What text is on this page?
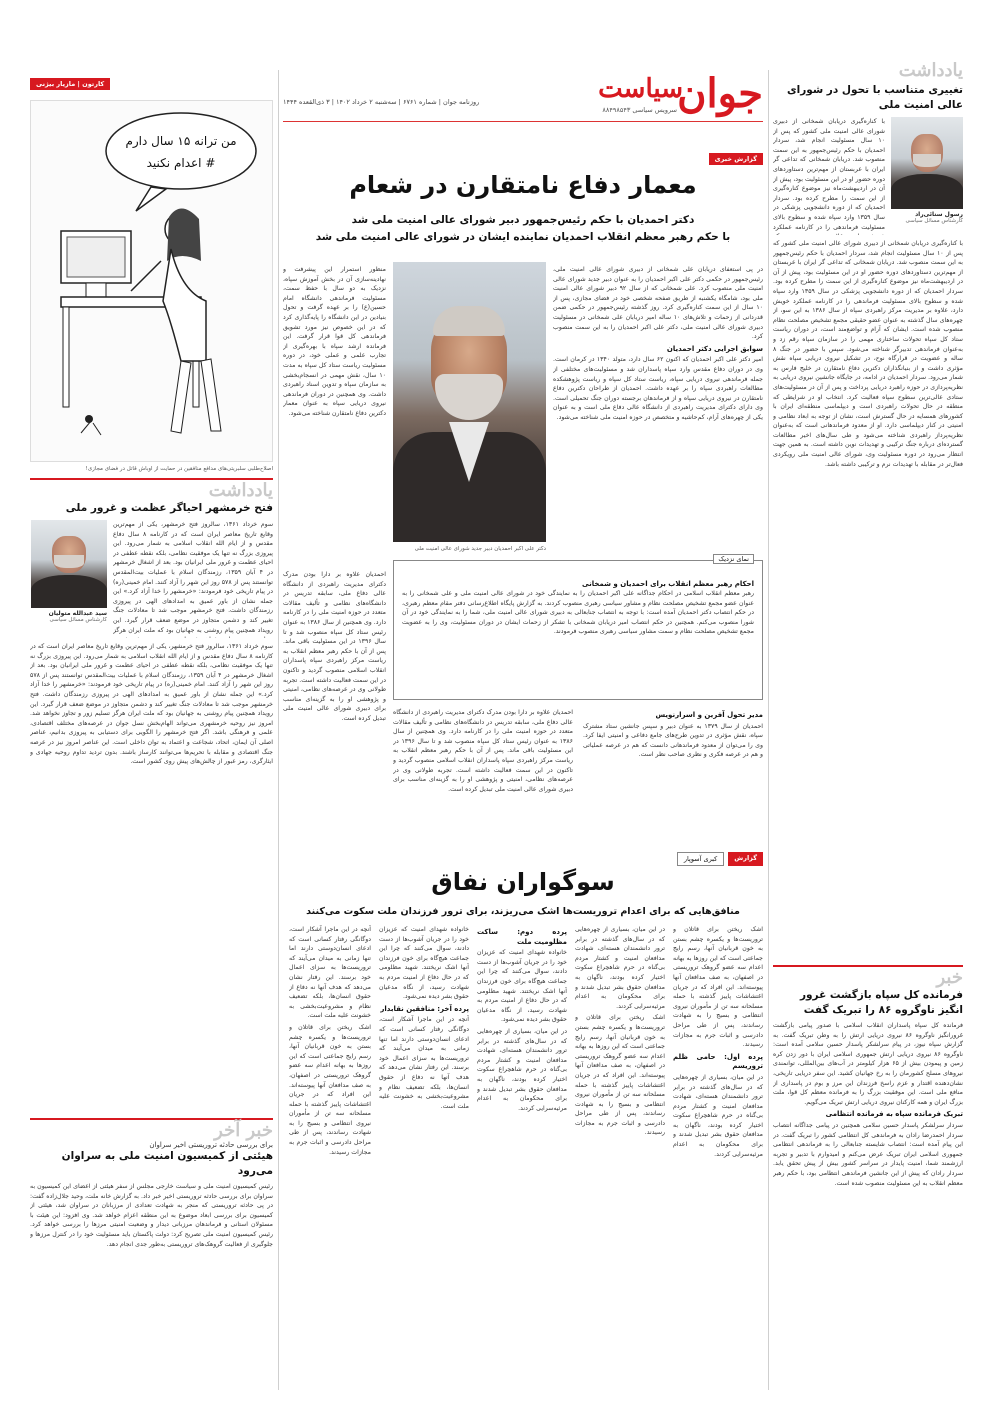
جوان
سیاست
سرویس سیاسی ۸۸۴۹۸۵۴۳
روزنامه جوان | شماره ۶۷۶۱ | سه‌شنبه ۲ خرداد ۱۴۰۲ | ۳ ذی‌القعده ۱۴۴۴
گزارش خبری
معمار دفاع نامتقارن در شعام
دکتر احمدیان با حکم رئیس‌جمهور دبیر شورای عالی امنیت ملی شد
با حکم رهبر معظم انقلاب احمدیان نماینده ایشان در شورای عالی امنیت ملی شد

در پی استعفای دریابان علی شمخانی از دبیری شورای عالی امنیت ملی، رئیس‌جمهور در حکمی دکتر علی اکبر احمدیان را به عنوان دبیر جدید شورای عالی امنیت ملی منصوب کرد. علی شمخانی که از سال ۹۲ دبیر شورای عالی امنیت ملی بود، شامگاه یکشنبه از طریق صفحه شخصی خود در فضای مجازی، پس از ۱۰ سال از این سمت کناره‌گیری کرد. روز گذشته رئیس‌جمهور در حکمی ضمن قدردانی از زحمات و تلاش‌های ۱۰ ساله امیر دریابان علی شمخانی در مسئولیت دبیری شورای عالی امنیت ملی، دکتر علی اکبر احمدیان را به این سمت منصوب کرد.

سوابق اجرایی دکتر احمدیان

امیر دکتر علی اکبر احمدیان که اکنون ۶۲ سال دارد، متولد ۱۳۴۰ در کرمان است. وی در دوران دفاع مقدس وارد سپاه پاسداران شد و مسئولیت‌های مختلفی از جمله فرماندهی نیروی دریایی سپاه، ریاست ستاد کل سپاه و ریاست پژوهشکده مطالعات راهبردی سپاه را بر عهده داشت. احمدیان از طراحان دکترین دفاع نامتقارن در نیروی دریایی سپاه و از فرماندهان برجسته دوران جنگ تحمیلی است. وی دارای دکترای مدیریت راهبردی از دانشگاه عالی دفاع ملی است و به عنوان یکی از چهره‌های آرام، کم‌حاشیه و متخصص در حوزه امنیت ملی شناخته می‌شود.

دکتر علی اکبر احمدیان دبیر جدید شورای عالی امنیت ملی

منظور استمرار این پیشرفت و نهادینه‌سازی آن در بخش آموزش سپاه، نزدیک به دو سال با حفظ سمت، مسئولیت فرماندهی دانشگاه امام حسین(ع) را بر عهده گرفت و تحول بنیادین در این دانشگاه را پایه‌گذاری کرد که در این خصوص نیز مورد تشویق فرماندهی کل قوا قرار گرفت. این فرمانده ارشد سپاه با بهره‌گیری از تجارب علمی و عملی خود، در دوره مسئولیت ریاست ستاد کل سپاه به مدت ۱۰ سال، نقش مهمی در انسجام‌بخشی به سازمان سپاه و تدوین اسناد راهبردی داشت. وی همچنین در دوران فرماندهی نیروی دریایی سپاه به عنوان معمار دکترین دفاع نامتقارن شناخته می‌شود.

نمای نزدیک
احکام رهبر معظم انقلاب برای احمدیان و شمخانی
رهبر معظم انقلاب اسلامی در احکام جداگانه علی اکبر احمدیان را به نمایندگی خود در شورای عالی امنیت ملی و علی شمخانی را به عنوان عضو مجمع تشخیص مصلحت نظام و مشاور سیاسی رهبری منصوب کردند. به گزارش پایگاه اطلاع‌رسانی دفتر مقام معظم رهبری، در حکم انتصاب دکتر احمدیان آمده است: با توجه به انتصاب جنابعالی به دبیری شورای عالی امنیت ملی، شما را به نمایندگی خود در آن شورا منصوب می‌کنم. همچنین در حکم انتصاب امیر دریابان شمخانی با تشکر از زحمات ایشان در دوران مسئولیت، وی را به عضویت مجمع تشخیص مصلحت نظام و سمت مشاور سیاسی رهبری منصوب فرمودند.

احمدیان علاوه بر دارا بودن مدرک دکترای مدیریت راهبردی از دانشگاه عالی دفاع ملی، سابقه تدریس در دانشگاه‌های نظامی و تألیف مقالات متعدد در حوزه امنیت ملی را در کارنامه دارد. وی همچنین از سال ۱۳۸۶ به عنوان رئیس ستاد کل سپاه منصوب شد و تا سال ۱۳۹۶ در این مسئولیت باقی ماند. پس از آن با حکم رهبر معظم انقلاب به ریاست مرکز راهبردی سپاه پاسداران انقلاب اسلامی منصوب گردید و تاکنون در این سمت فعالیت داشته است. تجربه طولانی وی در عرصه‌های نظامی، امنیتی و پژوهشی او را به گزینه‌ای مناسب برای دبیری شورای عالی امنیت ملی تبدیل کرده است.

احمدیان علاوه بر دارا بودن مدرک دکترای مدیریت راهبردی از دانشگاه عالی دفاع ملی، سابقه تدریس در دانشگاه‌های نظامی و تألیف مقالات متعدد در حوزه امنیت ملی را در کارنامه دارد. وی همچنین از سال ۱۳۸۶ به عنوان رئیس ستاد کل سپاه منصوب شد و تا سال ۱۳۹۶ در این مسئولیت باقی ماند. پس از آن با حکم رهبر معظم انقلاب به ریاست مرکز راهبردی سپاه پاسداران انقلاب اسلامی منصوب گردید و تاکنون در این سمت فعالیت داشته است. تجربه طولانی وی در عرصه‌های نظامی، امنیتی و پژوهشی او را به گزینه‌ای مناسب برای دبیری شورای عالی امنیت ملی تبدیل کرده است.

مدیر تحول آفرین و اسرار‌نویس

احمدیان از سال ۱۳۷۹ به عنوان دبیر و سپس جانشین ستاد مشترک سپاه، نقش مؤثری در تدوین طرح‌های جامع دفاعی و امنیتی ایفا کرد. وی را می‌توان از معدود فرماندهانی دانست که هم در عرصه عملیاتی و هم در عرصه فکری و نظری صاحب نظر است.

گزارش
کبری آسوپار
سوگواران نفاق
منافق‌هایی که برای اعدام تروریست‌ها اشک می‌ریزند، برای ترور فرزندان ملت سکوت می‌کنند

اشک ریختن برای قاتلان و تروریست‌ها و یکسره چشم بستن به خون قربانیان آنها، رسم رایج جماعتی است که این روزها به بهانه اعدام سه عضو گروهک تروریستی در اصفهان، به صف مدافعان آنها پیوسته‌اند. این افراد که در جریان اغتشاشات پاییز گذشته با حمله مسلحانه سه تن از مأموران نیروی انتظامی و بسیج را به شهادت رساندند، پس از طی مراحل دادرسی و اثبات جرم به مجازات رسیدند.

پرده اول: حامی ظلم تروریسم

در این میان، بسیاری از چهره‌هایی که در سال‌های گذشته در برابر ترور دانشمندان هسته‌ای، شهادت مدافعان امنیت و کشتار مردم بی‌گناه در حرم شاهچراغ سکوت اختیار کرده بودند، ناگهان به مدافعان حقوق بشر تبدیل شدند و برای محکومان به اعدام مرثیه‌سرایی کردند.

در این میان، بسیاری از چهره‌هایی که در سال‌های گذشته در برابر ترور دانشمندان هسته‌ای، شهادت مدافعان امنیت و کشتار مردم بی‌گناه در حرم شاهچراغ سکوت اختیار کرده بودند، ناگهان به مدافعان حقوق بشر تبدیل شدند و برای محکومان به اعدام مرثیه‌سرایی کردند.

اشک ریختن برای قاتلان و تروریست‌ها و یکسره چشم بستن به خون قربانیان آنها، رسم رایج جماعتی است که این روزها به بهانه اعدام سه عضو گروهک تروریستی در اصفهان، به صف مدافعان آنها پیوسته‌اند. این افراد که در جریان اغتشاشات پاییز گذشته با حمله مسلحانه سه تن از مأموران نیروی انتظامی و بسیج را به شهادت رساندند، پس از طی مراحل دادرسی و اثبات جرم به مجازات رسیدند.

پرده دوم: ساکت مظلومیت ملت

خانواده شهدای امنیت که عزیزان خود را در جریان آشوب‌ها از دست دادند، سوال می‌کنند که چرا این جماعت هیچ‌گاه برای خون فرزندان آنها اشک نریختند. شهید مظلومی که در حال دفاع از امنیت مردم به شهادت رسید، از نگاه مدعیان حقوق بشر دیده نمی‌شود.

در این میان، بسیاری از چهره‌هایی که در سال‌های گذشته در برابر ترور دانشمندان هسته‌ای، شهادت مدافعان امنیت و کشتار مردم بی‌گناه در حرم شاهچراغ سکوت اختیار کرده بودند، ناگهان به مدافعان حقوق بشر تبدیل شدند و برای محکومان به اعدام مرثیه‌سرایی کردند.

خانواده شهدای امنیت که عزیزان خود را در جریان آشوب‌ها از دست دادند، سوال می‌کنند که چرا این جماعت هیچ‌گاه برای خون فرزندان آنها اشک نریختند. شهید مظلومی که در حال دفاع از امنیت مردم به شهادت رسید، از نگاه مدعیان حقوق بشر دیده نمی‌شود.

پرده آخر: منافقین نقابدار

آنچه در این ماجرا آشکار است، دوگانگی رفتار کسانی است که ادعای انسان‌دوستی دارند اما تنها زمانی به میدان می‌آیند که تروریست‌ها به سزای اعمال خود برسند. این رفتار نشان می‌دهد که هدف آنها نه دفاع از حقوق انسان‌ها، بلکه تضعیف نظام و مشروعیت‌بخشی به خشونت علیه ملت است.

آنچه در این ماجرا آشکار است، دوگانگی رفتار کسانی است که ادعای انسان‌دوستی دارند اما تنها زمانی به میدان می‌آیند که تروریست‌ها به سزای اعمال خود برسند. این رفتار نشان می‌دهد که هدف آنها نه دفاع از حقوق انسان‌ها، بلکه تضعیف نظام و مشروعیت‌بخشی به خشونت علیه ملت است.

اشک ریختن برای قاتلان و تروریست‌ها و یکسره چشم بستن به خون قربانیان آنها، رسم رایج جماعتی است که این روزها به بهانه اعدام سه عضو گروهک تروریستی در اصفهان، به صف مدافعان آنها پیوسته‌اند. این افراد که در جریان اغتشاشات پاییز گذشته با حمله مسلحانه سه تن از مأموران نیروی انتظامی و بسیج را به شهادت رساندند، پس از طی مراحل دادرسی و اثبات جرم به مجازات رسیدند.

یادداشت
تغییری متناسب با تحول در شورای عالی امنیت ملی
رسول سنائی‌راد
کارشناس مسائل سیاسی
با کناره‌گیری دریابان شمخانی از دبیری شورای عالی امنیت ملی کشور که پس از ۱۰ سال مسئولیت انجام شد، سردار احمدیان با حکم رئیس‌جمهور به این سمت منصوب شد. دریابان شمخانی که تداعی گر ایران با عربستان از مهم‌ترین دستاوردهای دوره حضور او در این مسئولیت بود، پیش از آن در اردیبهشت‌ماه نیز موضوع کناره‌گیری از این سمت را مطرح کرده بود. سردار احمدیان که از دوره دانشجویی پزشکی در سال ۱۳۵۹ وارد سپاه شده و سطوح بالای مسئولیت فرماندهی را در کارنامه عملکرد
با کناره‌گیری دریابان شمخانی از دبیری شورای عالی امنیت ملی کشور که پس از ۱۰ سال مسئولیت انجام شد، سردار احمدیان با حکم رئیس‌جمهور به این سمت منصوب شد. دریابان شمخانی که تداعی گر ایران با عربستان از مهم‌ترین دستاوردهای دوره حضور او در این مسئولیت بود، پیش از آن در اردیبهشت‌ماه نیز موضوع کناره‌گیری از این سمت را مطرح کرده بود. سردار احمدیان که از دوره دانشجویی پزشکی در سال ۱۳۵۹ وارد سپاه شده و سطوح بالای مسئولیت فرماندهی را در کارنامه عملکرد خویش دارد، علاوه بر مدیریت مرکز راهبردی سپاه از سال ۱۳۸۶ به این سو، از چهره‌های سال گذشته به عنوان عضو حقیقی مجمع تشخیص مصلحت نظام منصوب شده است. ایشان که آرام و تواضع‌مند است، در دوران ریاست ستاد کل سپاه تحولات ساختاری مهمی را در سازمان سپاه رقم زد و به‌عنوان فرماندهی تدبیرگر شناخته می‌شود. سپس با حضور در جنگ ۸ ساله و عضویت در قرارگاه نوح، در تشکیل نیروی دریایی سپاه نقش مؤثری داشت و از بنیانگذاران دکترین دفاع نامتقارن در خلیج فارس به شمار می‌رود. سردار احمدیان در ادامه، در جایگاه جانشین نیروی دریایی به نظریه‌پردازی در حوزه راهبرد دریایی پرداخت و پس از آن در مسئولیت‌های ستادی عالی‌ترین سطوح سپاه فعالیت کرد. انتخاب او در شرایطی که منطقه در حال تحولات راهبردی است و دیپلماسی منطقه‌ای ایران با کشورهای همسایه در حال گسترش است، نشان از توجه به ابعاد نظامی و امنیتی در کنار دیپلماسی دارد. او از معدود فرماندهانی است که به‌عنوان نظریه‌پرداز راهبردی شناخته می‌شود و طی سال‌های اخیر مطالعات گسترده‌ای درباره جنگ ترکیبی و تهدیدات نوین داشته است. به همین جهت انتظار می‌رود در دوره مسئولیت وی، شورای عالی امنیت ملی رویکردی فعال‌تر در مقابله با تهدیدات نرم و ترکیبی داشته باشد.
خبر
فرمانده کل سپاه بازگشت غرور انگیز ناوگروه ۸۶ را تبریک گفت

فرمانده کل سپاه پاسداران انقلاب اسلامی با صدور پیامی بازگشت غرورانگیز ناوگروه ۸۶ نیروی دریایی ارتش را به وطن تبریک گفت. به گزارش سپاه نیوز، در پیام سرلشکر پاسدار حسین سلامی آمده است: ناوگروه ۸۶ نیروی دریایی ارتش جمهوری اسلامی ایران با دور زدن کره زمین و پیمودن بیش از ۶۵ هزار کیلومتر در آب‌های بین‌المللی، توانمندی نیروهای مسلح کشورمان را به رخ جهانیان کشید. این سفر دریایی تاریخی، نشان‌دهنده اقتدار و عزم راسخ فرزندان این مرز و بوم در پاسداری از منافع ملی است. این موفقیت بزرگ را به فرمانده معظم کل قوا، ملت بزرگ ایران و همه کارکنان نیروی دریایی ارتش تبریک می‌گویم.

تبریک فرمانده سپاه به فرمانده انتظامی

سردار سرلشکر پاسدار حسین سلامی همچنین در پیامی جداگانه انتصاب سردار احمدرضا رادان به فرماندهی کل انتظامی کشور را تبریک گفت. در این پیام آمده است: انتصاب شایسته جنابعالی را به فرماندهی انتظامی جمهوری اسلامی ایران تبریک عرض می‌کنم و امیدوارم با تدبیر و تجربه ارزشمند شما، امنیت پایدار در سراسر کشور بیش از پیش تحقق یابد. سردار رادان که پیش از این جانشین فرماندهی انتظامی بود، با حکم رهبر معظم انقلاب به این مسئولیت منصوب شده است.

کارتون | مازیار بیژنی
من ترانه ۱۵ سال دارم
# اعدام نکنید
اصلاح‌طلبی سلبریتی‌های مدافع منافقین در حمایت از اوباش قاتل در فضای مجازی!
یادداشت
فتح خرمشهر احیاگر عظمت و غرور ملی
سوم خرداد ۱۳۶۱، سالروز فتح خرمشهر، یکی از مهم‌ترین وقایع تاریخ معاصر ایران است که در کارنامه ۸ سال دفاع مقدس و از ایام الله انقلاب اسلامی به شمار می‌رود. این پیروزی بزرگ نه تنها یک موفقیت نظامی، بلکه نقطه عطفی در احیای عظمت و غرور ملی ایرانیان بود. بعد از اشغال خرمشهر در ۴ آبان ۱۳۵۹، رزمندگان اسلام با عملیات بیت‌المقدس توانستند پس از ۵۷۸ روز این شهر را آزاد کنند. امام خمینی(ره) در پیام تاریخی خود فرمودند: «خرمشهر را خدا آزاد کرد.» این جمله نشان از باور عمیق به امدادهای الهی در پیروزی رزمندگان داشت. فتح خرمشهر موجب شد تا معادلات جنگ تغییر کند و دشمن متجاوز در موضع ضعف قرار گیرد. این رویداد همچنین پیام روشنی به جهانیان بود که ملت ایران هرگز
سید عبدالله متولیان
کارشناس مسائل سیاسی
سوم خرداد ۱۳۶۱، سالروز فتح خرمشهر، یکی از مهم‌ترین وقایع تاریخ معاصر ایران است که در کارنامه ۸ سال دفاع مقدس و از ایام الله انقلاب اسلامی به شمار می‌رود. این پیروزی بزرگ نه تنها یک موفقیت نظامی، بلکه نقطه عطفی در احیای عظمت و غرور ملی ایرانیان بود. بعد از اشغال خرمشهر در ۴ آبان ۱۳۵۹، رزمندگان اسلام با عملیات بیت‌المقدس توانستند پس از ۵۷۸ روز این شهر را آزاد کنند. امام خمینی(ره) در پیام تاریخی خود فرمودند: «خرمشهر را خدا آزاد کرد.» این جمله نشان از باور عمیق به امدادهای الهی در پیروزی رزمندگان داشت. فتح خرمشهر موجب شد تا معادلات جنگ تغییر کند و دشمن متجاوز در موضع ضعف قرار گیرد. این رویداد همچنین پیام روشنی به جهانیان بود که ملت ایران هرگز تسلیم زور و تجاوز نخواهد شد. امروز نیز روحیه خرمشهری می‌تواند الهام‌بخش نسل جوان در عرصه‌های مختلف اقتصادی، علمی و فرهنگی باشد. اگر فتح خرمشهر را الگویی برای دستیابی به پیروزی بدانیم، عناصر اصلی آن ایمان، اتحاد، شجاعت و اعتماد به توان داخلی است. این عناصر امروز نیز در عرصه جنگ اقتصادی و مقابله با تحریم‌ها می‌توانند کارساز باشند. بدون تردید تداوم روحیه جهادی و ایثارگری، رمز عبور از چالش‌های پیش روی کشور است.
خبر آخر
برای بررسی حادثه تروریستی اخیر سراوان
هیئتی از کمیسیون امنیت ملی به سراوان می‌رود
رئیس کمیسیون امنیت ملی و سیاست خارجی مجلس از سفر هیئتی از اعضای این کمیسیون به سراوان برای بررسی حادثه تروریستی اخیر خبر داد. به گزارش خانه ملت، وحید جلال‌زاده گفت: در پی حادثه تروریستی که منجر به شهادت تعدادی از مرزبانان در سراوان شد، هیئتی از کمیسیون برای بررسی ابعاد موضوع به این منطقه اعزام خواهد شد. وی افزود: این هیئت با مسئولان استانی و فرماندهان مرزبانی دیدار و وضعیت امنیتی مرزها را بررسی خواهد کرد. رئیس کمیسیون امنیت ملی تصریح کرد: دولت پاکستان باید مسئولیت خود را در کنترل مرزها و جلوگیری از فعالیت گروهک‌های تروریستی به‌طور جدی انجام دهد.
